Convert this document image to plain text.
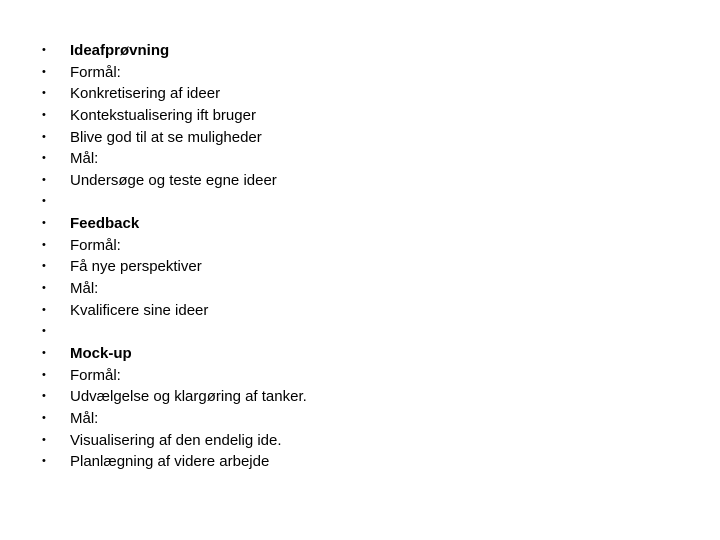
• Ideafprøvning
• Formål:
• Konkretisering af ideer
• Kontekstualisering ift bruger
• Blive god til at se muligheder
• Mål:
• Undersøge og teste egne ideer
•
• Feedback
• Formål:
• Få nye perspektiver
• Mål:
• Kvalificere sine ideer
•
• Mock-up
• Formål:
• Udvælgelse og klargøring af tanker.
• Mål:
• Visualisering af den endelig ide.
• Planlægning af videre arbejde
